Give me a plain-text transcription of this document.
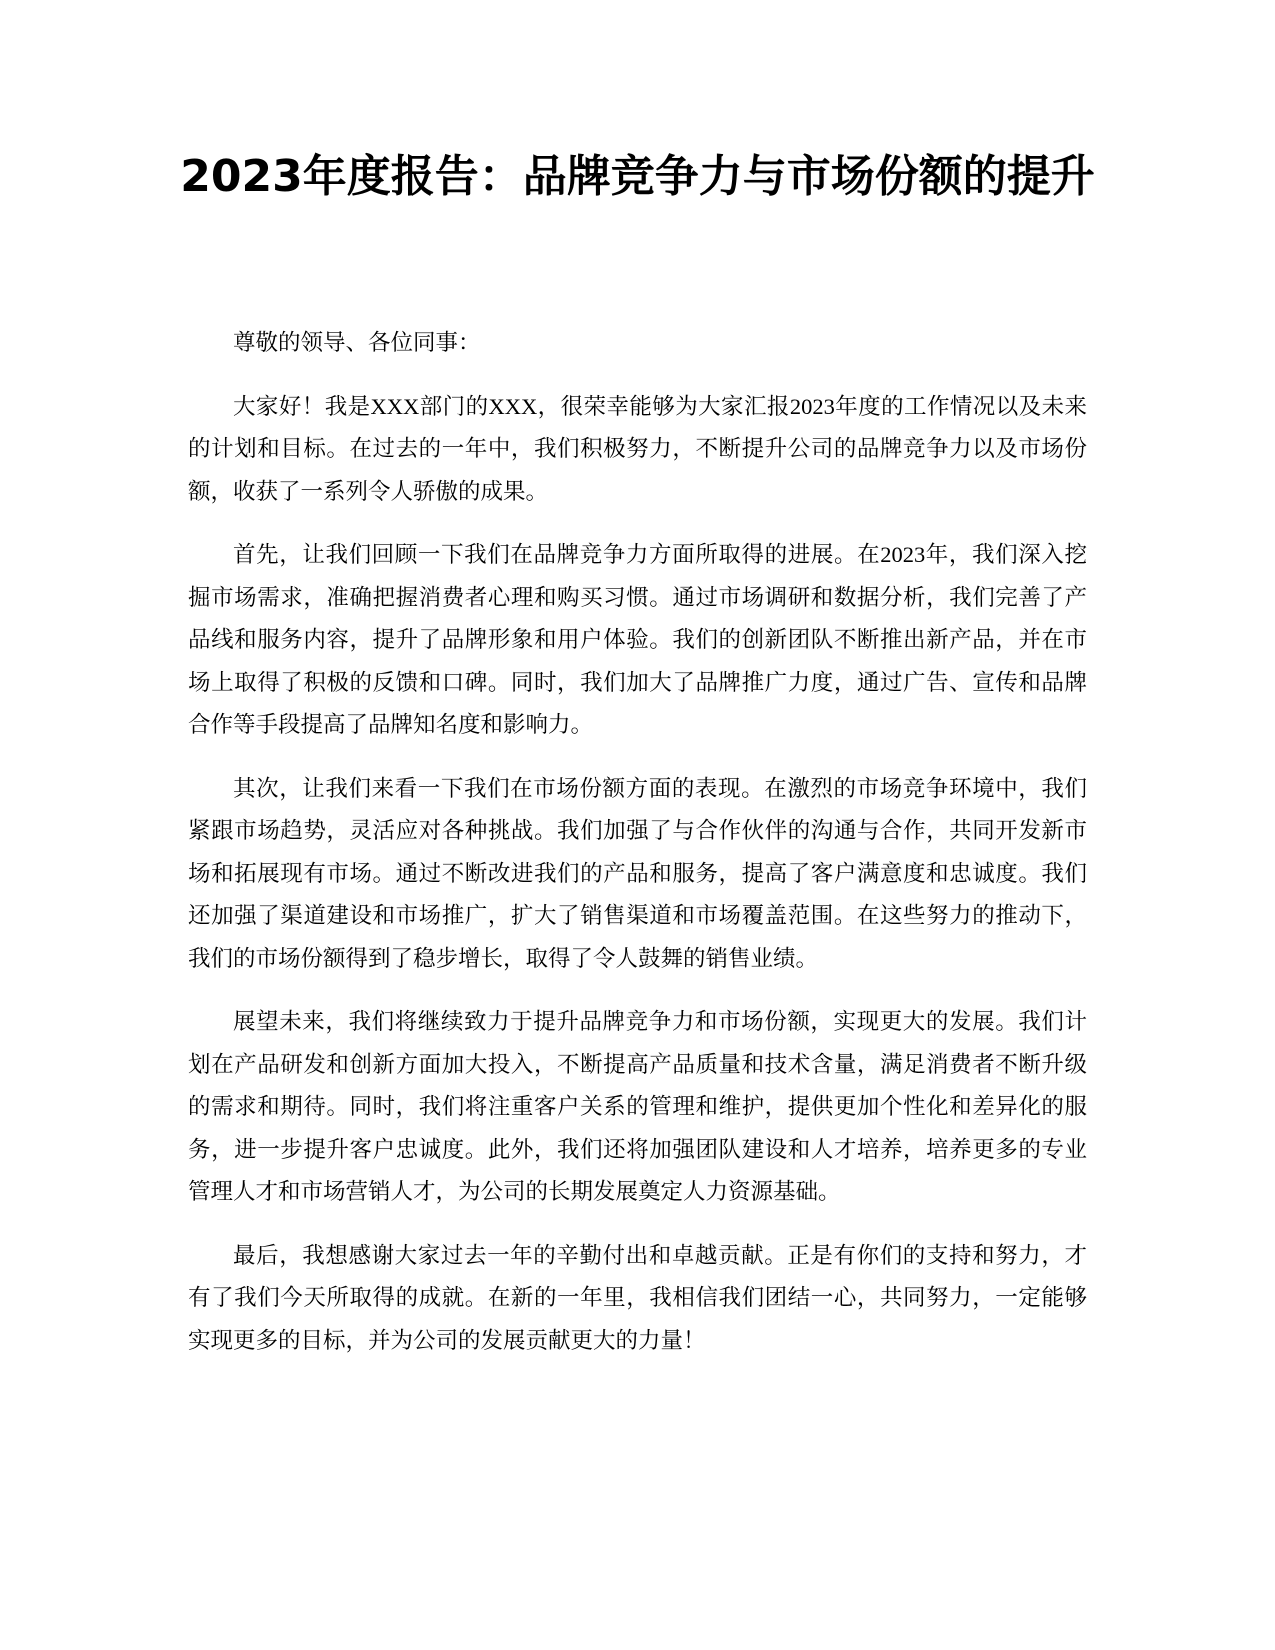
2023年度报告：品牌竞争力与市场份额的提升

尊敬的领导、各位同事：

大家好！我是XXX部门的XXX，很荣幸能够为大家汇报2023年度的工作情况以及未来的计划和目标。在过去的一年中，我们积极努力，不断提升公司的品牌竞争力以及市场份额，收获了一系列令人骄傲的成果。

首先，让我们回顾一下我们在品牌竞争力方面所取得的进展。在2023年，我们深入挖掘市场需求，准确把握消费者心理和购买习惯。通过市场调研和数据分析，我们完善了产品线和服务内容，提升了品牌形象和用户体验。我们的创新团队不断推出新产品，并在市场上取得了积极的反馈和口碑。同时，我们加大了品牌推广力度，通过广告、宣传和品牌合作等手段提高了品牌知名度和影响力。

其次，让我们来看一下我们在市场份额方面的表现。在激烈的市场竞争环境中，我们紧跟市场趋势，灵活应对各种挑战。我们加强了与合作伙伴的沟通与合作，共同开发新市场和拓展现有市场。通过不断改进我们的产品和服务，提高了客户满意度和忠诚度。我们还加强了渠道建设和市场推广，扩大了销售渠道和市场覆盖范围。在这些努力的推动下，我们的市场份额得到了稳步增长，取得了令人鼓舞的销售业绩。

展望未来，我们将继续致力于提升品牌竞争力和市场份额，实现更大的发展。我们计划在产品研发和创新方面加大投入，不断提高产品质量和技术含量，满足消费者不断升级的需求和期待。同时，我们将注重客户关系的管理和维护，提供更加个性化和差异化的服务，进一步提升客户忠诚度。此外，我们还将加强团队建设和人才培养，培养更多的专业管理人才和市场营销人才，为公司的长期发展奠定人力资源基础。

最后，我想感谢大家过去一年的辛勤付出和卓越贡献。正是有你们的支持和努力，才有了我们今天所取得的成就。在新的一年里，我相信我们团结一心，共同努力，一定能够实现更多的目标，并为公司的发展贡献更大的力量！
